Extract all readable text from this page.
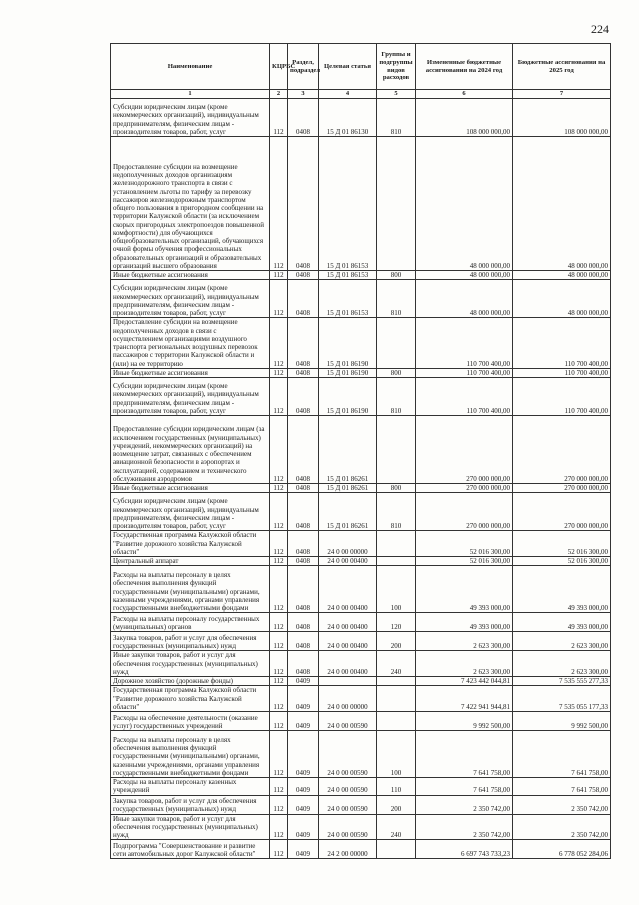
224
Наименование	КЦРБС	Раздел, подраздел	Целевая статья	Группы и подгруппы видов расходов	Измененные бюджетные ассигнования на 2024 год	Бюджетные ассигнования на 2025 год
1	2	3	4	5	6	7
Субсидии юридическим лицам (кроме некоммерческих организаций), индивидуальным предпринимателям, физическим лицам - производителям товаров, работ, услуг	112	0408	15 Д 01 86130	810	108 000 000,00	108 000 000,00
Предоставление субсидии на возмещение недополученных доходов организациям железнодорожного транспорта в связи с установлением льготы по тарифу за перевозку пассажиров железнодорожным транспортом общего пользования в пригородном сообщении на территории Калужской области (за исключением скорых пригородных электропоездов повышенной комфортности) для обучающихся общеобразовательных организаций, обучающихся очной формы обучения профессиональных образовательных организаций и образовательных организаций высшего образования	112	0408	15 Д 01 86153		48 000 000,00	48 000 000,00
Иные бюджетные ассигнования	112	0408	15 Д 01 86153	800	48 000 000,00	48 000 000,00
Субсидии юридическим лицам (кроме некоммерческих организаций), индивидуальным предпринимателям, физическим лицам - производителям товаров, работ, услуг	112	0408	15 Д 01 86153	810	48 000 000,00	48 000 000,00
Предоставление субсидии на возмещение недополученных доходов в связи с осуществлением организациями воздушного транспорта региональных воздушных перевозок пассажиров с территории Калужской области и (или) на ее территорию	112	0408	15 Д 01 86190		110 700 400,00	110 700 400,00
Иные бюджетные ассигнования	112	0408	15 Д 01 86190	800	110 700 400,00	110 700 400,00
Субсидии юридическим лицам (кроме некоммерческих организаций), индивидуальным предпринимателям, физическим лицам - производителям товаров, работ, услуг	112	0408	15 Д 01 86190	810	110 700 400,00	110 700 400,00
Предоставление субсидии юридическим лицам (за исключением государственных (муниципальных) учреждений, некоммерческих организаций) на возмещение затрат, связанных с обеспечением авиационной безопасности в аэропортах и эксплуатацией, содержанием и технического обслуживания аэродромов	112	0408	15 Д 01 86261		270 000 000,00	270 000 000,00
Иные бюджетные ассигнования	112	0408	15 Д 01 86261	800	270 000 000,00	270 000 000,00
Субсидии юридическим лицам (кроме некоммерческих организаций), индивидуальным предпринимателям, физическим лицам - производителям товаров, работ, услуг	112	0408	15 Д 01 86261	810	270 000 000,00	270 000 000,00
Государственная программа Калужской области "Развитие дорожного хозяйства Калужской области"	112	0408	24 0 00 00000		52 016 300,00	52 016 300,00
Центральный аппарат	112	0408	24 0 00 00400		52 016 300,00	52 016 300,00
Расходы на выплаты персоналу в целях обеспечения выполнения функций государственными (муниципальными) органами, казенными учреждениями, органами управления государственными внебюджетными фондами	112	0408	24 0 00 00400	100	49 393 000,00	49 393 000,00
Расходы на выплаты персоналу государственных (муниципальных) органов	112	0408	24 0 00 00400	120	49 393 000,00	49 393 000,00
Закупка товаров, работ и услуг для обеспечения государственных (муниципальных) нужд	112	0408	24 0 00 00400	200	2 623 300,00	2 623 300,00
Иные закупки товаров, работ и услуг для обеспечения государственных (муниципальных) нужд	112	0408	24 0 00 00400	240	2 623 300,00	2 623 300,00
Дорожное хозяйство (дорожные фонды)	112	0409			7 423 442 044,81	7 535 555 277,33
Государственная программа Калужской области "Развитие дорожного хозяйства Калужской области"	112	0409	24 0 00 00000		7 422 941 944,81	7 535 055 177,33
Расходы на обеспечение деятельности (оказание услуг) государственных учреждений	112	0409	24 0 00 00590		9 992 500,00	9 992 500,00
Расходы на выплаты персоналу в целях обеспечения выполнения функций государственными (муниципальными) органами, казенными учреждениями, органами управления государственными внебюджетными фондами	112	0409	24 0 00 00590	100	7 641 758,00	7 641 758,00
Расходы на выплаты персоналу казенных учреждений	112	0409	24 0 00 00590	110	7 641 758,00	7 641 758,00
Закупка товаров, работ и услуг для обеспечения государственных (муниципальных) нужд	112	0409	24 0 00 00590	200	2 350 742,00	2 350 742,00
Иные закупки товаров, работ и услуг для обеспечения государственных (муниципальных) нужд	112	0409	24 0 00 00590	240	2 350 742,00	2 350 742,00
Подпрограмма "Совершенствование и развитие сети автомобильных дорог Калужской области"	112	0409	24 2 00 00000		6 697 743 733,23	6 778 052 284,06
